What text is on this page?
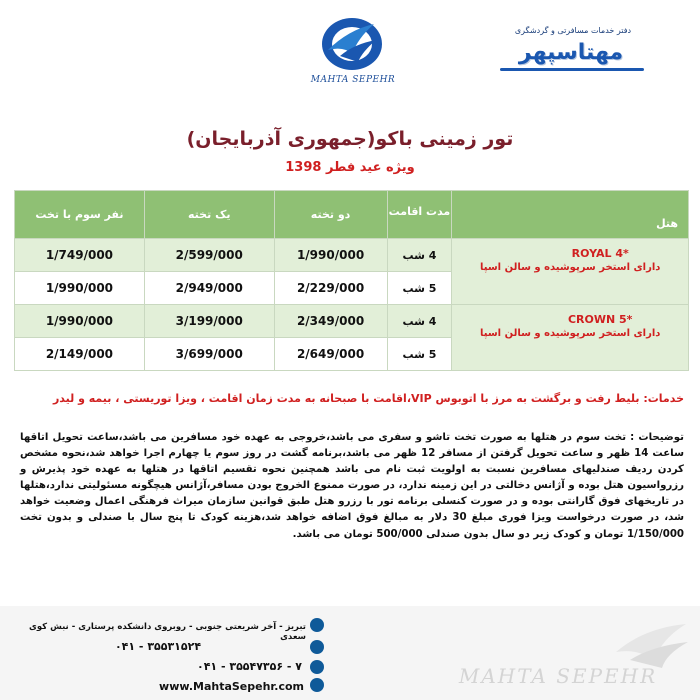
MAHTA SEPEHR
دفتر خدمات مسافرتی و گردشگری
مهتاسپهر
تور زمینی باکو(جمهوری آذربایجان)
ویژه عید فطر 1398
هتل	مدت اقامت	دو تخته	یک تخته	نفر سوم با تخت

ROYAL 4*
دارای استخر سرپوشیده و سالن اسپا	4 شب	1/990/000	2/599/000	1/749/000
	5 شب	2/229/000	2/949/000	1/990/000

CROWN 5*
دارای استخر سرپوشیده و سالن اسپا	4 شب	2/349/000	3/199/000	1/990/000
	5 شب	2/649/000	3/699/000	2/149/000
خدمات: بلیط رفت و برگشت به مرز با اتوبوس VIP،اقامت با صبحانه به مدت زمان اقامت ، ویزا توریستی ، بیمه و لیدر
توضیحات : تخت سوم در هتلها به صورت تخت تاشو و سفری می باشد،خروجی به عهده خود مسافرین می باشد،ساعت تحویل اتاقها ساعت 14 ظهر و ساعت تحویل گرفتن از مسافر 12 ظهر می باشد،برنامه گشت در روز سوم یا چهارم اجرا خواهد شد،نحوه مشخص کردن ردیف صندلیهای مسافرین نسبت به اولویت ثبت نام می باشد همچنین نحوه تقسیم اتاقها در هتلها به عهده خود پذیرش و رزرواسیون هتل بوده و آژانس دخالتی در این زمینه ندارد، در صورت ممنوع الخروج بودن مسافر،آژانس هیچگونه مسئولیتی ندارد،هتلها در تاریخهای فوق گارانتی بوده و در صورت کنسلی برنامه تور با رزرو هتل طبق قوانین سازمان میراث فرهنگی اعمال وضعیت خواهد شد، در صورت درخواست ویزا فوری مبلغ 30 دلار به مبالغ فوق اضافه خواهد شد،هزینه کودک تا پنج سال با صندلی و بدون تخت 1/150/000 تومان و کودک زیر دو سال بدون صندلی 500/000 تومان می باشد.
تبریز - آخر شریعتی جنوبی - روبروی دانشکده پرستاری - نبش کوی سعدی
۰۴۱ - ۳۵۵۳۱۵۲۴
۰۴۱ - ۳۵۵۴۷۳۵۶ - ۷
www.MahtaSepehr.com	MAHTA SEPEHR
